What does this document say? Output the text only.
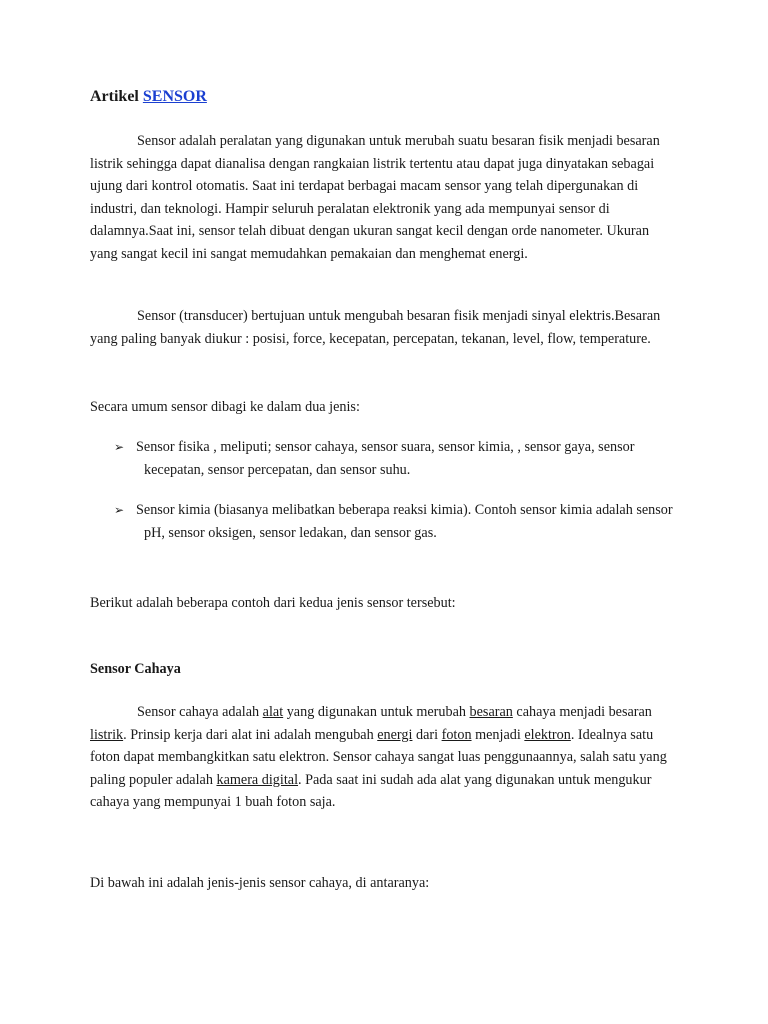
Artikel SENSOR

Sensor adalah peralatan yang digunakan untuk merubah suatu besaran fisik menjadi besaran listrik sehingga dapat dianalisa dengan rangkaian listrik tertentu atau dapat juga dinyatakan sebagai ujung dari kontrol otomatis. Saat ini terdapat berbagai macam sensor yang telah dipergunakan di industri, dan teknologi. Hampir seluruh peralatan elektronik yang ada mempunyai sensor di dalamnya.Saat ini, sensor telah dibuat dengan ukuran sangat kecil dengan orde nanometer. Ukuran yang sangat kecil ini sangat memudahkan pemakaian dan menghemat energi.

Sensor (transducer) bertujuan untuk mengubah besaran fisik menjadi sinyal elektris.Besaran yang paling banyak diukur : posisi, force, kecepatan, percepatan, tekanan, level, flow, temperature.

Secara umum sensor dibagi ke dalam dua jenis:

➢ Sensor fisika , meliputi; sensor cahaya, sensor suara, sensor kimia, , sensor gaya, sensor kecepatan, sensor percepatan, dan sensor suhu.
➢ Sensor kimia (biasanya melibatkan beberapa reaksi kimia). Contoh sensor kimia adalah sensor pH, sensor oksigen, sensor ledakan, dan sensor gas.

Berikut adalah beberapa contoh dari kedua jenis sensor tersebut:

Sensor Cahaya

Sensor cahaya adalah alat yang digunakan untuk merubah besaran cahaya menjadi besaran listrik. Prinsip kerja dari alat ini adalah mengubah energi dari foton menjadi elektron. Idealnya satu foton dapat membangkitkan satu elektron. Sensor cahaya sangat luas penggunaannya, salah satu yang paling populer adalah kamera digital. Pada saat ini sudah ada alat yang digunakan untuk mengukur cahaya yang mempunyai 1 buah foton saja.

Di bawah ini adalah jenis-jenis sensor cahaya, di antaranya:
